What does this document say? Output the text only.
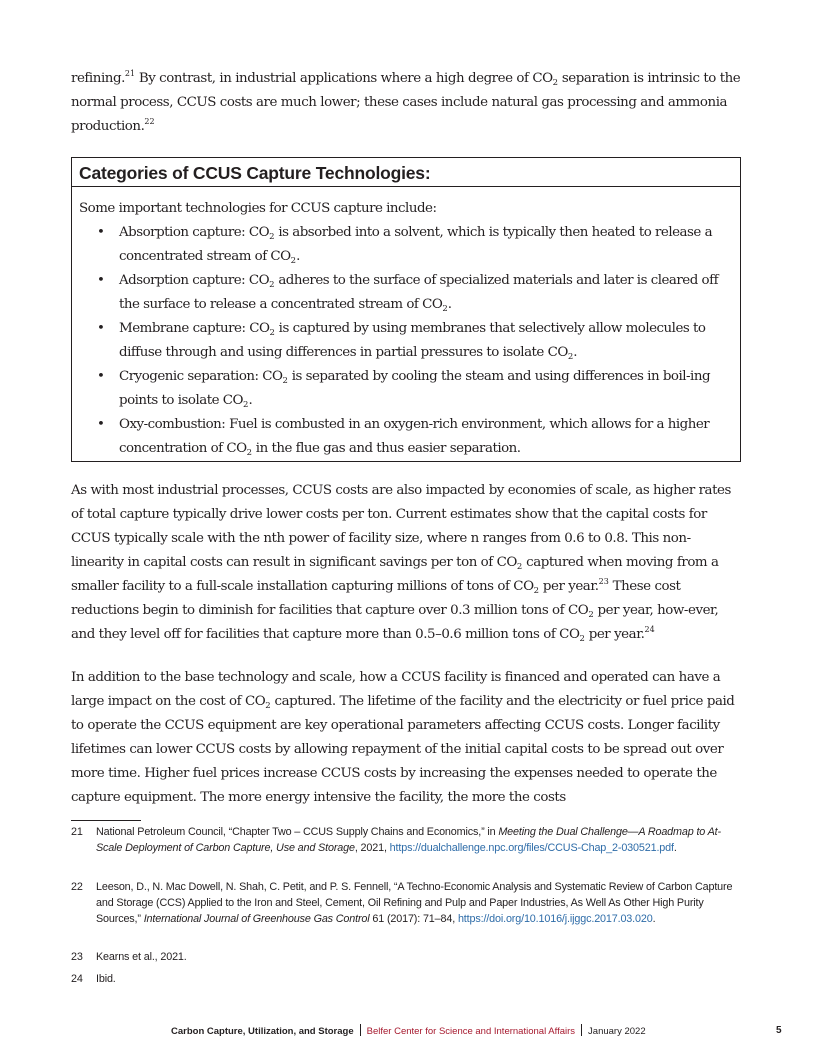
refining.$^{21}$ By contrast, in industrial applications where a high degree of $CO_2$ separation is intrinsic to the normal process, CCUS costs are much lower; these cases include natural gas processing and ammonia production.$^{22}$

Categories of CCUS Capture Technologies:
Some important technologies for CCUS capture include:
• Absorption capture: $CO_2$ is absorbed into a solvent, which is typically then heated to release a concentrated stream of $CO_2$.
• Adsorption capture: $CO_2$ adheres to the surface of specialized materials and later is cleared off the surface to release a concentrated stream of $CO_2$.
• Membrane capture: $CO_2$ is captured by using membranes that selectively allow molecules to diffuse through and using differences in partial pressures to isolate $CO_2$.
• Cryogenic separation: $CO_2$ is separated by cooling the steam and using differences in boil-ing points to isolate $CO_2$.
• Oxy-combustion: Fuel is combusted in an oxygen-rich environment, which allows for a higher concentration of $CO_2$ in the flue gas and thus easier separation.

As with most industrial processes, CCUS costs are also impacted by economies of scale, as higher rates of total capture typically drive lower costs per ton. Current estimates show that the capital costs for CCUS typically scale with the nth power of facility size, where n ranges from 0.6 to 0.8. This non-linearity in capital costs can result in significant savings per ton of $CO_2$ captured when moving from a smaller facility to a full-scale installation capturing millions of tons of $CO_2$ per year.$^{23}$ These cost reductions begin to diminish for facilities that capture over 0.3 million tons of $CO_2$ per year, how-ever, and they level off for facilities that capture more than 0.5–0.6 million tons of $CO_2$ per year.$^{24}$

In addition to the base technology and scale, how a CCUS facility is financed and operated can have a large impact on the cost of $CO_2$ captured. The lifetime of the facility and the electricity or fuel price paid to operate the CCUS equipment are key operational parameters affecting CCUS costs. Longer facility lifetimes can lower CCUS costs by allowing repayment of the initial capital costs to be spread out over more time. Higher fuel prices increase CCUS costs by increasing the expenses needed to operate the capture equipment. The more energy intensive the facility, the more the costs

21 National Petroleum Council, “Chapter Two – CCUS Supply Chains and Economics,” in Meeting the Dual Challenge—A Roadmap to At-Scale Deployment of Carbon Capture, Use and Storage, 2021, https://dualchallenge.npc.org/files/CCUS-Chap_2-030521.pdf.
22 Leeson, D., N. Mac Dowell, N. Shah, C. Petit, and P. S. Fennell, “A Techno-Economic Analysis and Systematic Review of Carbon Capture and Storage (CCS) Applied to the Iron and Steel, Cement, Oil Refining and Pulp and Paper Industries, As Well As Other High Purity Sources,” International Journal of Greenhouse Gas Control 61 (2017): 71–84, https://doi.org/10.1016/j.ijggc.2017.03.020.
23 Kearns et al., 2021.
24 Ibid.
Carbon Capture, Utilization, and Storage Belfer Center for Science and International Affairs January 2022	5
